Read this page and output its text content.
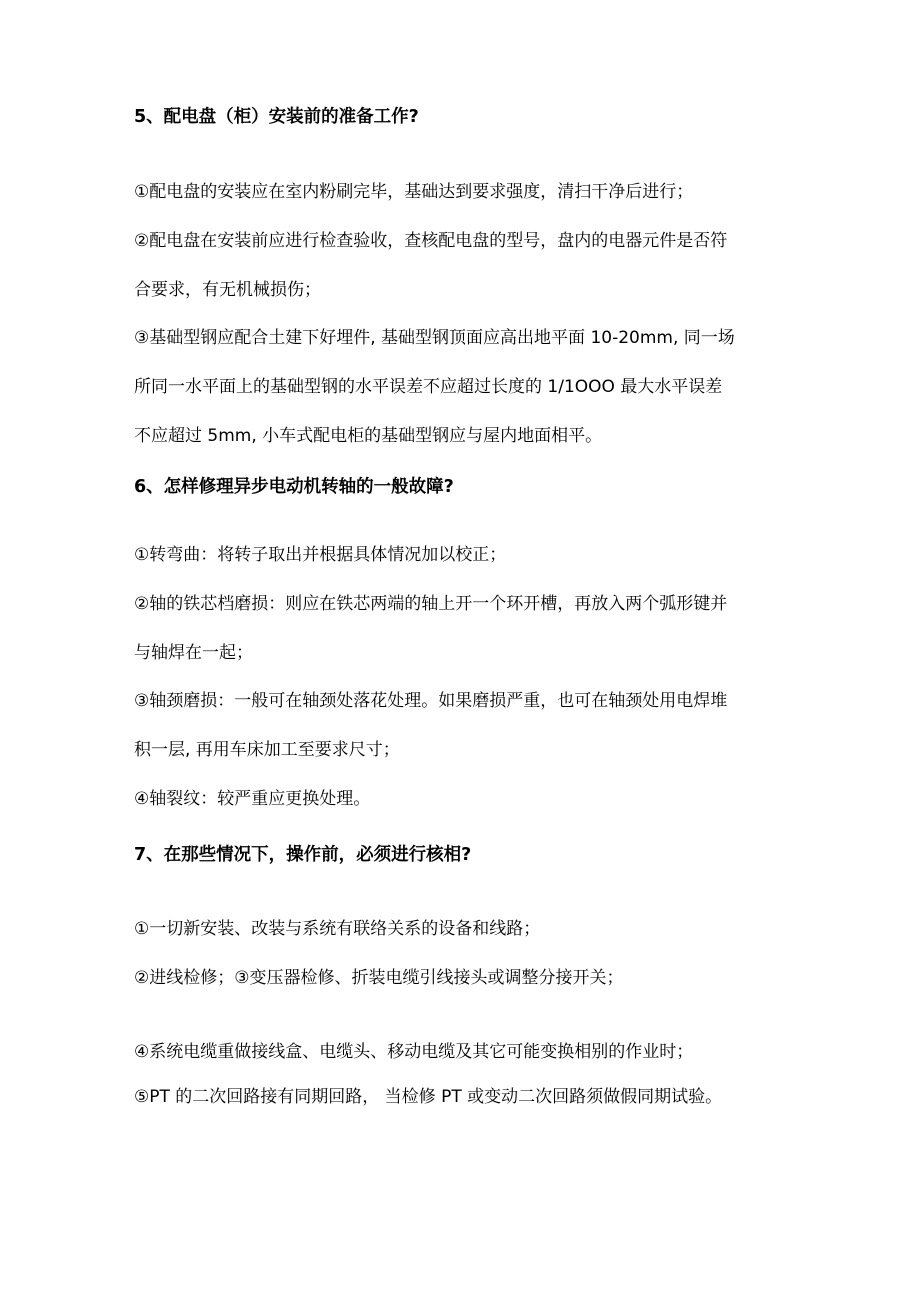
5、配电盘（柜）安装前的准备工作?
①配电盘的安装应在室内粉刷完毕，基础达到要求强度，清扫干净后进行；
②配电盘在安装前应进行检查验收，查核配电盘的型号，盘内的电器元件是否符
合要求，有无机械损伤；
③基础型钢应配合土建下好埋件, 基础型钢顶面应高出地平面 10-20mm, 同一场
所同一水平面上的基础型钢的水平误差不应超过长度的 1/1OOO 最大水平误差
不应超过 5mm, 小车式配电柜的基础型钢应与屋内地面相平。
6、怎样修理异步电动机转轴的一般故障?
①转弯曲：将转子取出并根据具体情况加以校正；
②轴的铁芯档磨损：则应在铁芯两端的轴上开一个环开槽，再放入两个弧形键并
与轴焊在一起；
③轴颈磨损：一般可在轴颈处落花处理。如果磨损严重，也可在轴颈处用电焊堆
积一层, 再用车床加工至要求尺寸；
④轴裂纹：较严重应更换处理。
7、在那些情况下，操作前，必须进行核相?
①一切新安装、改装与系统有联络关系的设备和线路；
②进线检修；③变压器检修、折装电缆引线接头或调整分接开关；
④系统电缆重做接线盒、电缆头、移动电缆及其它可能变换相别的作业时；
⑤PT 的二次回路接有同期回路， 当检修 PT 或变动二次回路须做假同期试验。
